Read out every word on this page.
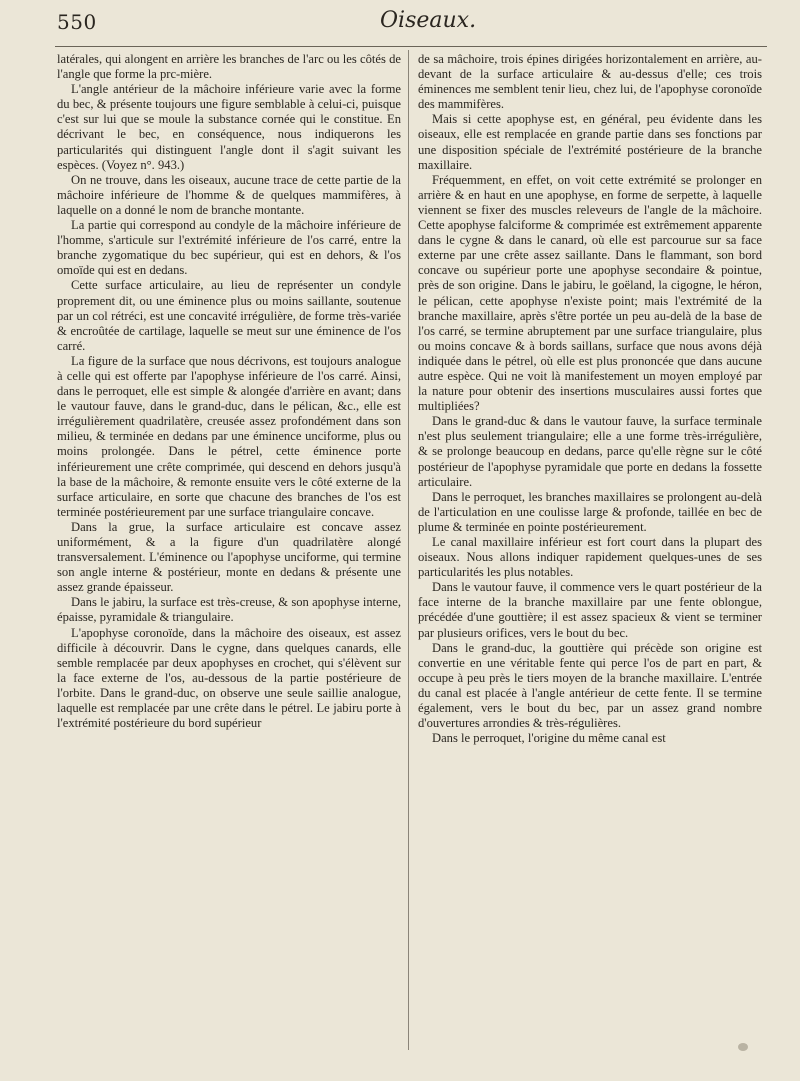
550	Oiseaux.

latérales, qui alongent en arrière les branches de l'arc ou les côtés de l'angle que forme la prc-mière.

L'angle antérieur de la mâchoire inférieure varie avec la forme du bec, & présente toujours une figure semblable à celui-ci, puisque c'est sur lui que se moule la substance cornée qui le constitue. En décrivant le bec, en conséquence, nous indiquerons les particularités qui distinguent l'angle dont il s'agit suivant les espèces. (Voyez n°. 943.)

On ne trouve, dans les oiseaux, aucune trace de cette partie de la mâchoire inférieure de l'homme & de quelques mammifères, à laquelle on a donné le nom de branche montante.

La partie qui correspond au condyle de la mâchoire inférieure de l'homme, s'articule sur l'extrémité inférieure de l'os carré, entre la branche zygomatique du bec supérieur, qui est en dehors, & l'os omoïde qui est en dedans.

Cette surface articulaire, au lieu de représenter un condyle proprement dit, ou une éminence plus ou moins saillante, soutenue par un col rétréci, est une concavité irrégulière, de forme très-variée & encroûtée de cartilage, laquelle se meut sur une éminence de l'os carré.

La figure de la surface que nous décrivons, est toujours analogue à celle qui est offerte par l'apophyse inférieure de l'os carré. Ainsi, dans le perroquet, elle est simple & alongée d'arrière en avant; dans le vautour fauve, dans le grand-duc, dans le pélican, &c., elle est irrégulièrement quadrilatère, creusée assez profondément dans son milieu, & terminée en dedans par une éminence unciforme, plus ou moins prolongée. Dans le pétrel, cette éminence porte inférieurement une crête comprimée, qui descend en dehors jusqu'à la base de la mâchoire, & remonte ensuite vers le côté externe de la surface articulaire, en sorte que chacune des branches de l'os est terminée postérieurement par une surface triangulaire concave.

Dans la grue, la surface articulaire est concave assez uniformément, & a la figure d'un quadrilatère alongé transversalement. L'éminence ou l'apophyse unciforme, qui termine son angle interne & postérieur, monte en dedans & présente une assez grande épaisseur.

Dans le jabiru, la surface est très-creuse, & son apophyse interne, épaisse, pyramidale & triangulaire.

L'apophyse coronoïde, dans la mâchoire des oiseaux, est assez difficile à découvrir. Dans le cygne, dans quelques canards, elle semble remplacée par deux apophyses en crochet, qui s'élèvent sur la face externe de l'os, au-dessous de la partie postérieure de l'orbite. Dans le grand-duc, on observe une seule saillie analogue, laquelle est remplacée par une crête dans le pétrel. Le jabiru porte à l'extrémité postérieure du bord supérieur

de sa mâchoire, trois épines dirigées horizontalement en arrière, au-devant de la surface articulaire & au-dessus d'elle; ces trois éminences me semblent tenir lieu, chez lui, de l'apophyse coronoïde des mammifères.

Mais si cette apophyse est, en général, peu évidente dans les oiseaux, elle est remplacée en grande partie dans ses fonctions par une disposition spéciale de l'extrémité postérieure de la branche maxillaire.

Fréquemment, en effet, on voit cette extrémité se prolonger en arrière & en haut en une apophyse, en forme de serpette, à laquelle viennent se fixer des muscles releveurs de l'angle de la mâchoire. Cette apophyse falciforme & comprimée est extrêmement apparente dans le cygne & dans le canard, où elle est parcourue sur sa face externe par une crête assez saillante. Dans le flammant, son bord concave ou supérieur porte une apophyse secondaire & pointue, près de son origine. Dans le jabiru, le goëland, la cigogne, le héron, le pélican, cette apophyse n'existe point; mais l'extrémité de la branche maxillaire, après s'être portée un peu au-delà de la base de l'os carré, se termine abruptement par une surface triangulaire, plus ou moins concave & à bords saillans, surface que nous avons déjà indiquée dans le pétrel, où elle est plus prononcée que dans aucune autre espèce. Qui ne voit là manifestement un moyen employé par la nature pour obtenir des insertions musculaires aussi fortes que multipliées?

Dans le grand-duc & dans le vautour fauve, la surface terminale n'est plus seulement triangulaire; elle a une forme très-irrégulière, & se prolonge beaucoup en dedans, parce qu'elle règne sur le côté postérieur de l'apophyse pyramidale que porte en dedans la fossette articulaire.

Dans le perroquet, les branches maxillaires se prolongent au-delà de l'articulation en une coulisse large & profonde, taillée en bec de plume & terminée en pointe postérieurement.

Le canal maxillaire inférieur est fort court dans la plupart des oiseaux. Nous allons indiquer rapidement quelques-unes de ses particularités les plus notables.

Dans le vautour fauve, il commence vers le quart postérieur de la face interne de la branche maxillaire par une fente oblongue, précédée d'une gouttière; il est assez spacieux & vient se terminer par plusieurs orifices, vers le bout du bec.

Dans le grand-duc, la gouttière qui précède son origine est convertie en une véritable fente qui perce l'os de part en part, & occupe à peu près le tiers moyen de la branche maxillaire. L'entrée du canal est placée à l'angle antérieur de cette fente. Il se termine également, vers le bout du bec, par un assez grand nombre d'ouvertures arrondies & très-régulières.

Dans le perroquet, l'origine du même canal est
